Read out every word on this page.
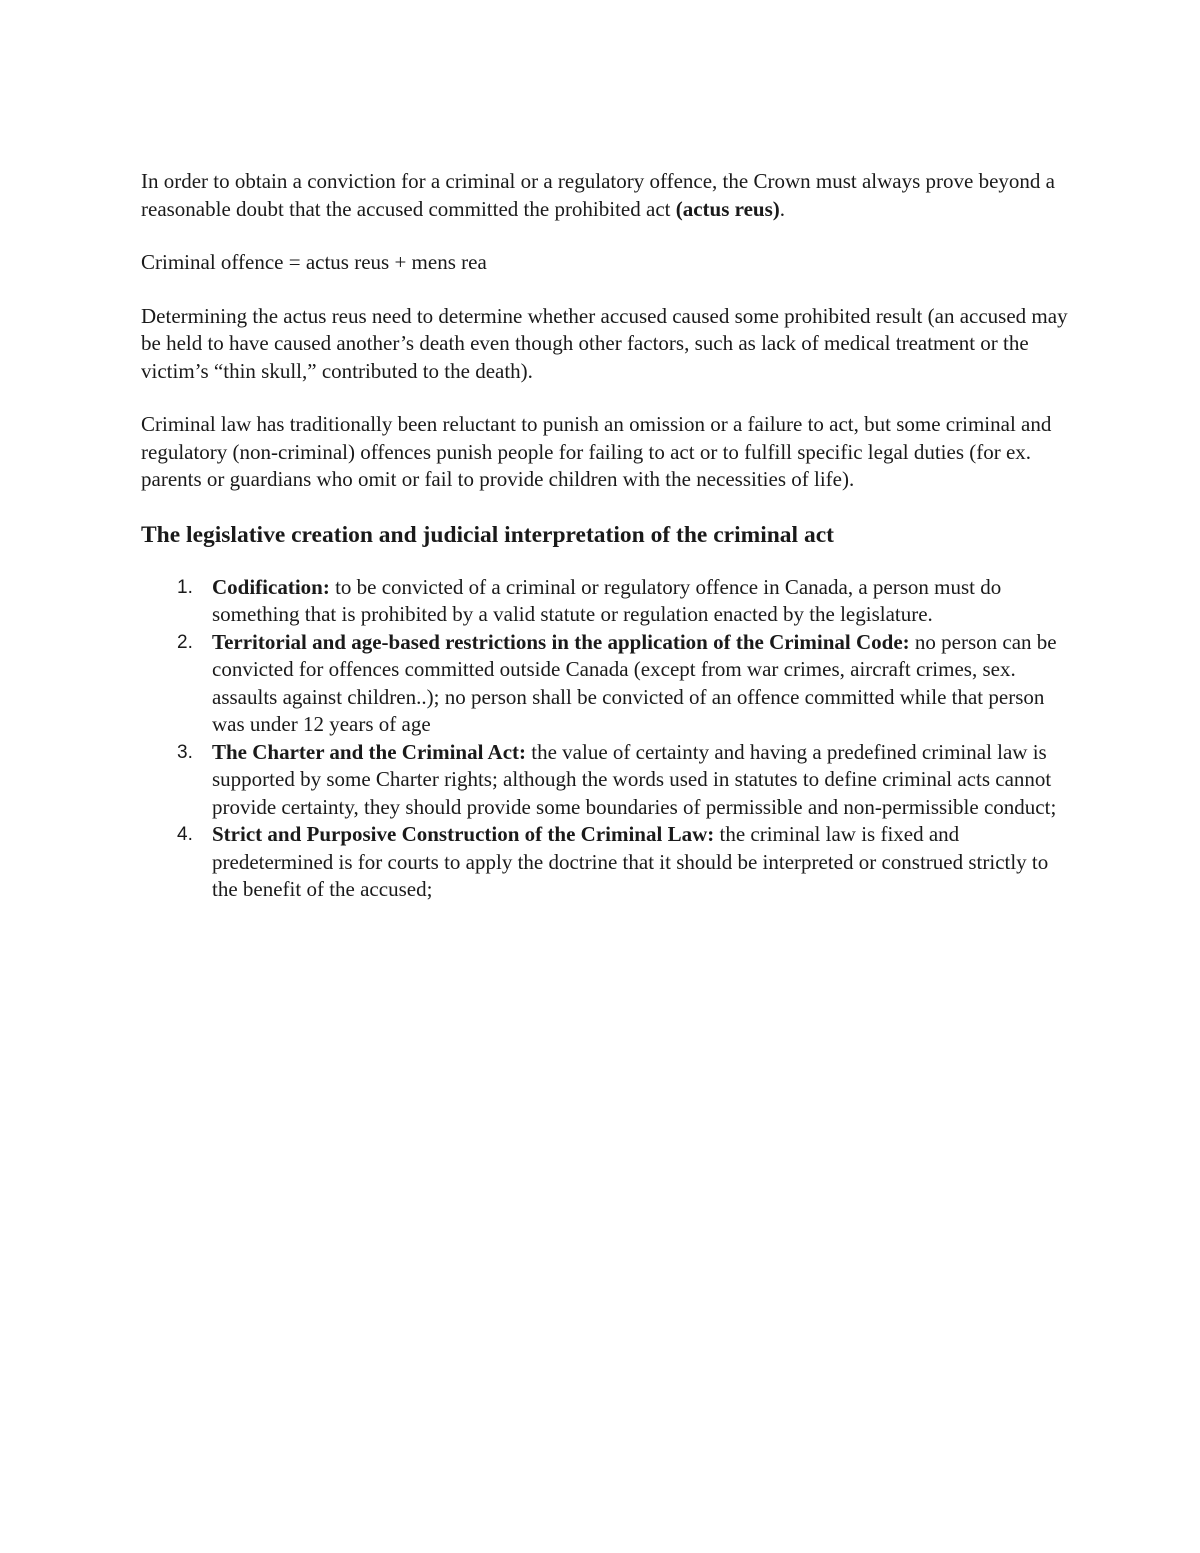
In order to obtain a conviction for a criminal or a regulatory offence, the Crown must always prove beyond a reasonable doubt that the accused committed the prohibited act (actus reus).

Criminal offence = actus reus + mens rea

Determining the actus reus need to determine whether accused caused some prohibited result (an accused may be held to have caused another’s death even though other factors, such as lack of medical treatment or the victim’s “thin skull,” contributed to the death).

Criminal law has traditionally been reluctant to punish an omission or a failure to act, but some criminal and regulatory (non-criminal) offences punish people for failing to act or to fulfill specific legal duties (for ex. parents or guardians who omit or fail to provide children with the necessities of life).

The legislative creation and judicial interpretation of the criminal act

1. Codification: to be convicted of a criminal or regulatory offence in Canada, a person must do something that is prohibited by a valid statute or regulation enacted by the legislature.
2. Territorial and age-based restrictions in the application of the Criminal Code: no person can be convicted for offences committed outside Canada (except from war crimes, aircraft crimes, sex. assaults against children..); no person shall be convicted of an offence committed while that person was under 12 years of age
3. The Charter and the Criminal Act: the value of certainty and having a predefined criminal law is supported by some Charter rights; although the words used in statutes to define criminal acts cannot provide certainty, they should provide some boundaries of permissible and non-permissible conduct;
4. Strict and Purposive Construction of the Criminal Law: the criminal law is fixed and predetermined is for courts to apply the doctrine that it should be interpreted or construed strictly to the benefit of the accused;
